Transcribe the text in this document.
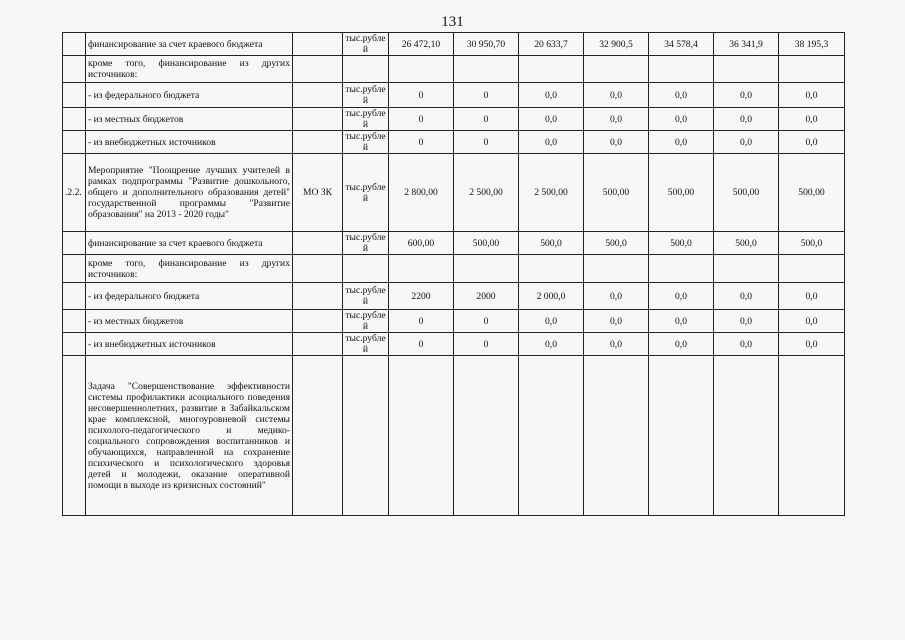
131
	финансирование за счет краевого бюджета		тыс.рублей	26 472,10	30 950,70	20 633,7	32 900,5	34 578,4	36 341,9	38 195,3
	кроме того, финансирование из других источников:									
	- из федерального бюджета		тыс.рублей	0	0	0,0	0,0	0,0	0,0	0,0
	- из местных бюджетов		тыс.рублей	0	0	0,0	0,0	0,0	0,0	0,0
	- из внебюджетных источников		тыс.рублей	0	0	0,0	0,0	0,0	0,0	0,0
.2.2.	Мероприятие "Поощрение лучших учителей в рамках подпрограммы "Развитие дошкольного, общего и дополнительного образования детей" государственной программы "Развитие образования" на 2013 - 2020 годы"	МО ЗК	тыс.рублей	2 800,00	2 500,00	2 500,00	500,00	500,00	500,00	500,00
	финансирование за счет краевого бюджета		тыс.рублей	600,00	500,00	500,0	500,0	500,0	500,0	500,0
	кроме того, финансирование из других источников:									
	- из федерального бюджета		тыс.рублей	2200	2000	2 000,0	0,0	0,0	0,0	0,0
	- из местных бюджетов		тыс.рублей	0	0	0,0	0,0	0,0	0,0	0,0
	- из внебюджетных источников		тыс.рублей	0	0	0,0	0,0	0,0	0,0	0,0
	Задача "Совершенствование эффективности системы профилактики асоциального поведения несовершеннолетних, развитие в Забайкальском крае комплексной, многоуровневой системы психолого-педагогического и медико-социального сопровождения воспитанников и обучающихся, направленной на сохранение психического и психологического здоровья детей и молодежи, оказание оперативной помощи в выходе из кризисных состояний"									
